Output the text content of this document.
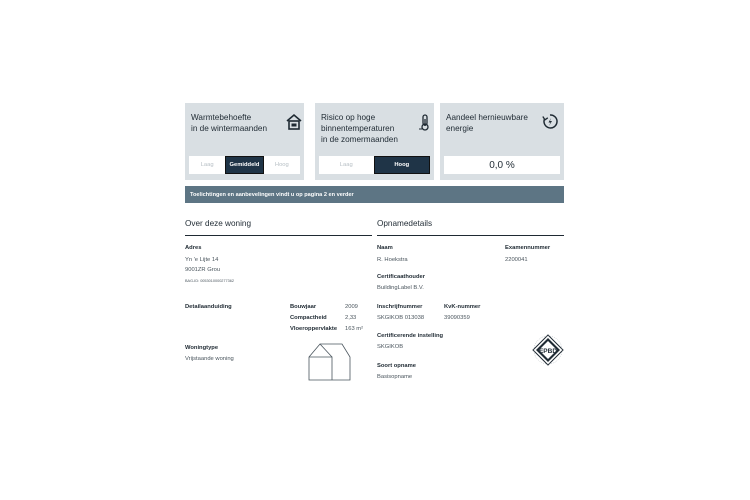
Warmtebehoefte
in de wintermaanden
Laag	Gemiddeld	Hoog
Risico op hoge
binnentemperaturen
in de zomermaanden
Laag	Hoog
Aandeel hernieuwbare
energie
0,0 %
Toelichtingen en aanbevelingen vindt u op pagina 2 en verder
Over deze woning
Adres
Yn 'e Lijte 14
9001ZR Grou
BAG-ID: 0053010000277362
Detailaanduiding	Bouwjaar	2009
Compactheid	2,33
Vloeroppervlakte 163 m²
Woningtype
Vrijstaande woning
Opnamedetails
Naam
R. Hoekstra
Examennummer
2200041
Certificaathouder
BuildingLabel B.V.
Inschrijfnummer
SKGIKOB 013038
KvK-nummer
39090359
Certificerende instelling
SKGIKOB
Soort opname
Basisopname
EPBD
